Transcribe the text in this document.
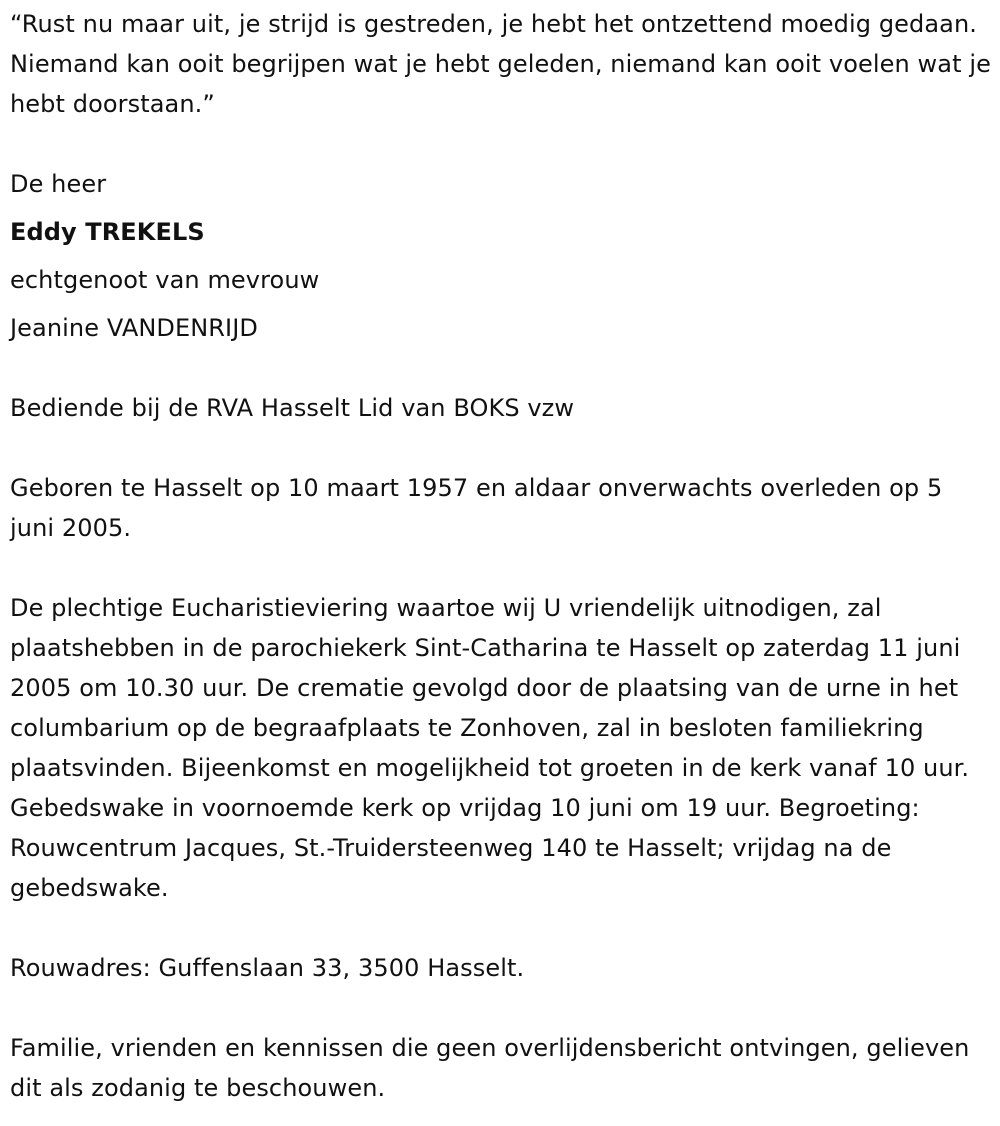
“Rust nu maar uit, je strijd is gestreden, je hebt het ontzettend moedig gedaan. Niemand kan ooit begrijpen wat je hebt geleden, niemand kan ooit voelen wat je hebt doorstaan.”

De heer

Eddy TREKELS

echtgenoot van mevrouw

Jeanine VANDENRIJD

Bediende bij de RVA Hasselt Lid van BOKS vzw

Geboren te Hasselt op 10 maart 1957 en aldaar onverwachts overleden op 5 juni 2005.

De plechtige Eucharistieviering waartoe wij U vriendelijk uitnodigen, zal plaatshebben in de parochiekerk Sint-Catharina te Hasselt op zaterdag 11 juni 2005 om 10.30 uur. De crematie gevolgd door de plaatsing van de urne in het columbarium op de begraafplaats te Zonhoven, zal in besloten familiekring plaatsvinden. Bijeenkomst en mogelijkheid tot groeten in de kerk vanaf 10 uur. Gebedswake in voornoemde kerk op vrijdag 10 juni om 19 uur. Begroeting: Rouwcentrum Jacques, St.-Truidersteenweg 140 te Hasselt; vrijdag na de gebedswake.

Rouwadres: Guffenslaan 33, 3500 Hasselt.

Familie, vrienden en kennissen die geen overlijdensbericht ontvingen, gelieven dit als zodanig te beschouwen.
